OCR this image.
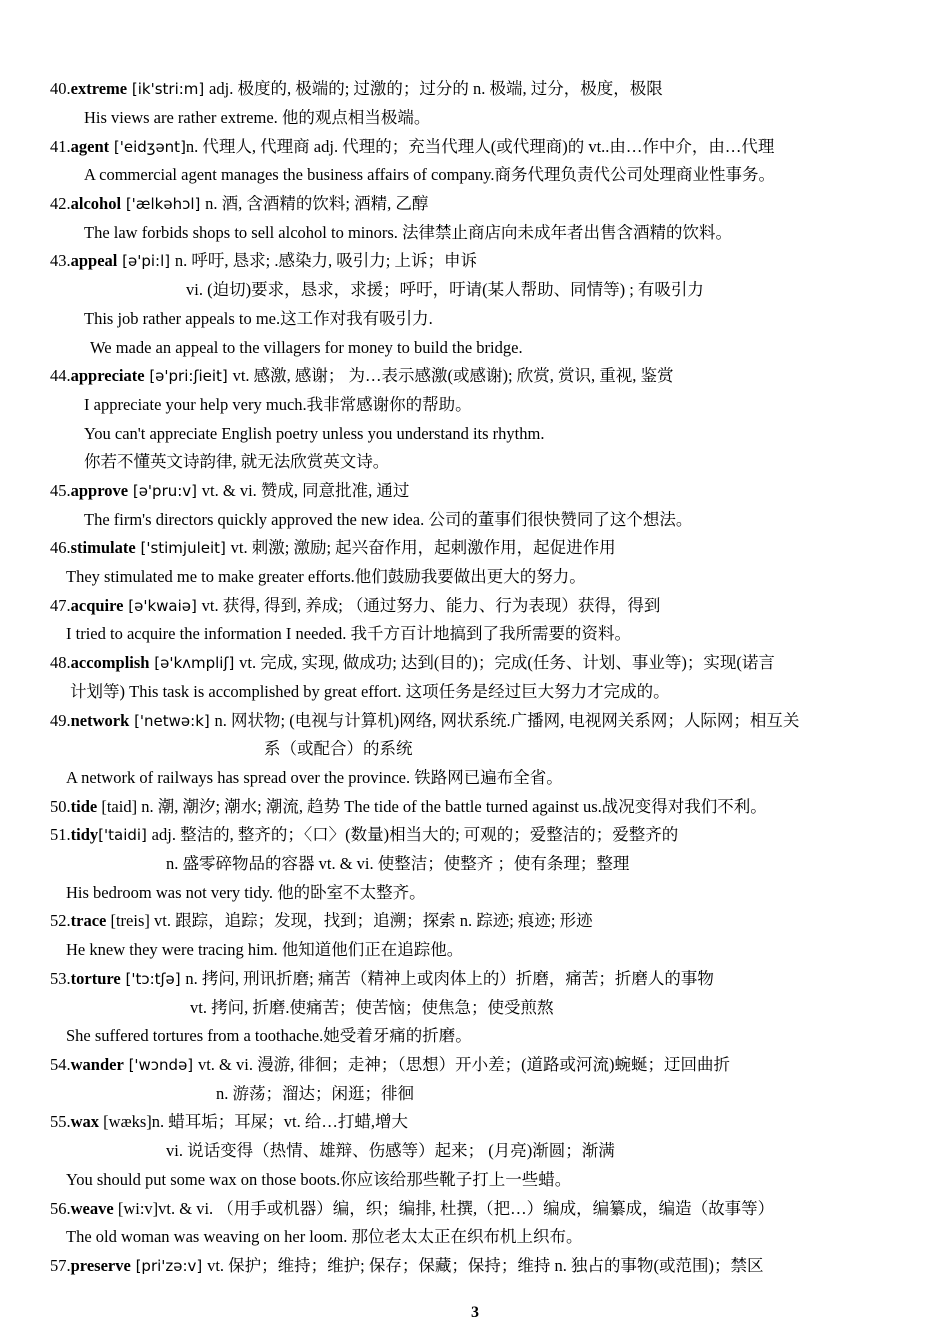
40.extreme [ik'stri:m] adj. 极度的, 极端的; 过激的；过分的 n. 极端, 过分，极度，极限
His views are rather extreme. 他的观点相当极端。
41.agent ['eidʒənt]n. 代理人, 代理商 adj. 代理的；充当代理人(或代理商)的 vt..由…作中介，由…代理
A commercial agent manages the business affairs of company.商务代理负责代公司处理商业性事务。
42.alcohol ['ælkəhɔl] n. 酒, 含酒精的饮料; 酒精, 乙醇
The law forbids shops to sell alcohol to minors. 法律禁止商店向未成年者出售含酒精的饮料。
43.appeal [ə'pi:l] n. 呼吁, 恳求; .感染力, 吸引力; 上诉；申诉
vi. (迫切)要求，恳求，求援；呼吁，吁请(某人帮助、同情等) ; 有吸引力
This job rather appeals to me.这工作对我有吸引力.
We made an appeal to the villagers for money to build the bridge.
44.appreciate [ə'pri:ʃieit] vt. 感激, 感谢； 为…表示感激(或感谢); 欣赏, 赏识, 重视, 鉴赏
I appreciate your help very much.我非常感谢你的帮助。
You can't appreciate English poetry unless you understand its rhythm.
你若不懂英文诗韵律, 就无法欣赏英文诗。
45.approve [ə'pru:v] vt. & vi. 赞成, 同意批准, 通过
The firm's directors quickly approved the new idea. 公司的董事们很快赞同了这个想法。
46.stimulate ['stimjuleit] vt. 刺激; 激励; 起兴奋作用，起刺激作用，起促进作用
They stimulated me to make greater efforts.他们鼓励我要做出更大的努力。
47.acquire [ə'kwaiə] vt. 获得, 得到, 养成; （通过努力、能力、行为表现）获得，得到
I tried to acquire the information I needed. 我千方百计地搞到了我所需要的资料。
48.accomplish [ə'kʌmpliʃ] vt. 完成, 实现, 做成功; 达到(目的)；完成(任务、计划、事业等)；实现(诺言
计划等) This task is accomplished by great effort. 这项任务是经过巨大努力才完成的。
49.network ['netwə:k] n. 网状物; (电视与计算机)网络, 网状系统.广播网, 电视网关系网；人际网；相互关
系（或配合）的系统
A network of railways has spread over the province. 铁路网已遍布全省。
50.tide [taid] n. 潮, 潮汐; 潮水; 潮流, 趋势 The tide of the battle turned against us.战况变得对我们不利。
51.tidy['taidi] adj. 整洁的, 整齐的；〈口〉(数量)相当大的; 可观的；爱整洁的；爱整齐的
n. 盛零碎物品的容器 vt. & vi. 使整洁；使整齐 ；使有条理；整理
His bedroom was not very tidy. 他的卧室不太整齐。
52.trace [treis] vt. 跟踪，追踪；发现，找到；追溯；探索 n. 踪迹; 痕迹; 形迹
He knew they were tracing him. 他知道他们正在追踪他。
53.torture ['tɔ:tʃə] n. 拷问, 刑讯折磨; 痛苦（精神上或肉体上的）折磨，痛苦；折磨人的事物
vt. 拷问, 折磨.使痛苦；使苦恼；使焦急；使受煎熬
She suffered tortures from a toothache.她受着牙痛的折磨。
54.wander ['wɔndə] vt. & vi. 漫游, 徘徊；走神；（思想）开小差；(道路或河流)蜿蜒；迂回曲折
n. 游荡；溜达；闲逛；徘徊
55.wax [wæks]n. 蜡耳垢；耳屎；vt. 给…打蜡,增大
vi. 说话变得（热情、雄辩、伤感等）起来； (月亮)渐圆；渐满
You should put some wax on those boots.你应该给那些靴子打上一些蜡。
56.weave [wi:v]vt. & vi. （用手或机器）编，织；编排, 杜撰,（把…）编成，编纂成，编造（故事等）
The old woman was weaving on her loom. 那位老太太正在织布机上织布。
57.preserve [pri'zə:v] vt. 保护；维持；维护; 保存；保藏；保持；维持 n. 独占的事物(或范围)；禁区
3
